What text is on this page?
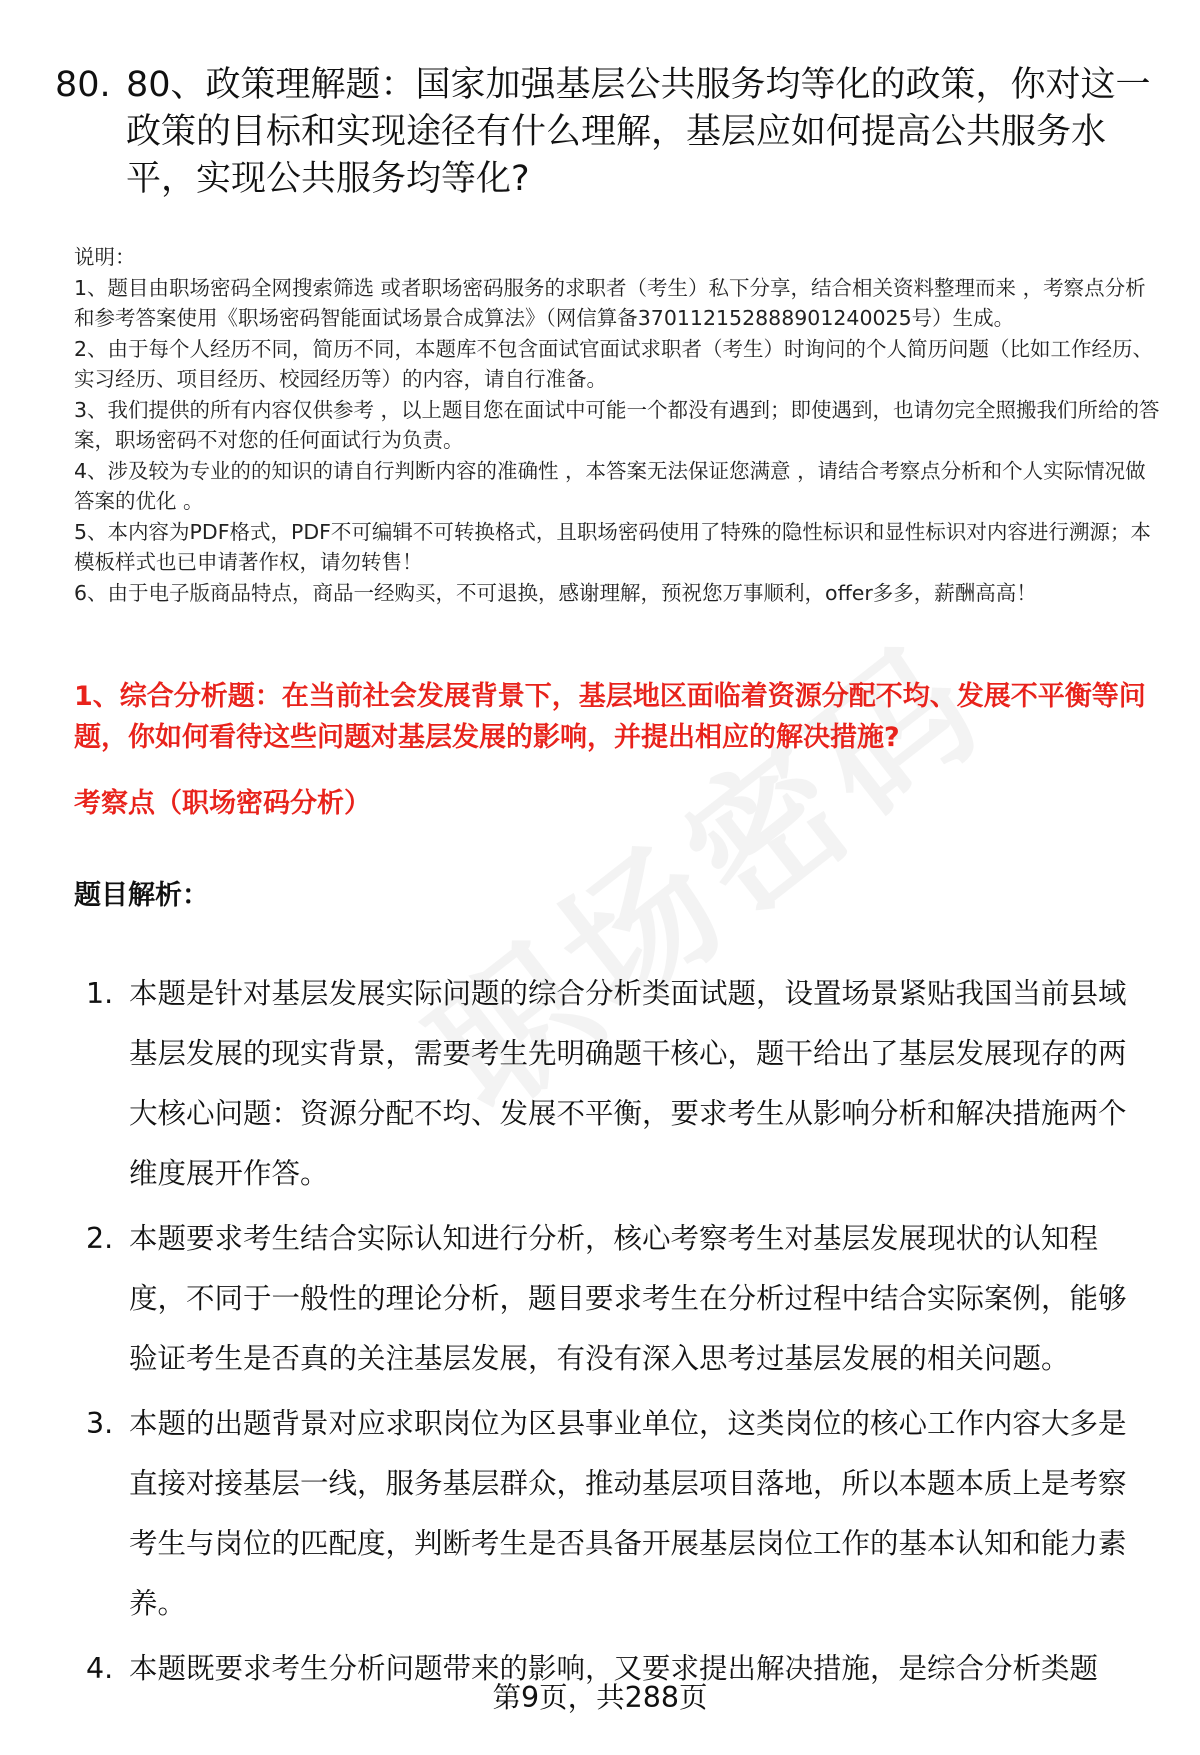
80. 80、政策理解题：国家加强基层公共服务均等化的政策，你对这一政策的目标和实现途径有什么理解，基层应如何提高公共服务水平，实现公共服务均等化?

说明：

1、题目由职场密码全网搜索筛选 或者职场密码服务的求职者（考生）私下分享，结合相关资料整理而来 ，考察点分析和参考答案使用《职场密码智能面试场景合成算法》（网信算备370112152888901240025号）生成。

2、由于每个人经历不同，简历不同，本题库不包含面试官面试求职者（考生）时询问的个人简历问题（比如工作经历、实习经历、项目经历、校园经历等）的内容，请自行准备。

3、我们提供的所有内容仅供参考 ，以上题目您在面试中可能一个都没有遇到；即使遇到，也请勿完全照搬我们所给的答案，职场密码不对您的任何面试行为负责。

4、涉及较为专业的的知识的请自行判断内容的准确性 ，本答案无法保证您满意 ，请结合考察点分析和个人实际情况做答案的优化 。

5、本内容为PDF格式，PDF不可编辑不可转换格式，且职场密码使用了特殊的隐性标识和显性标识对内容进行溯源；本模板样式也已申请著作权，请勿转售！

6、由于电子版商品特点，商品一经购买，不可退换，感谢理解，预祝您万事顺利，offer多多，薪酬高高！

1、综合分析题：在当前社会发展背景下，基层地区面临着资源分配不均、发展不平衡等问题，你如何看待这些问题对基层发展的影响，并提出相应的解决措施?
考察点（职场密码分析）
题目解析：
1. 本题是针对基层发展实际问题的综合分析类面试题，设置场景紧贴我国当前县域基层发展的现实背景，需要考生先明确题干核心，题干给出了基层发展现存的两大核心问题：资源分配不均、发展不平衡，要求考生从影响分析和解决措施两个维度展开作答。
2. 本题要求考生结合实际认知进行分析，核心考察考生对基层发展现状的认知程度，不同于一般性的理论分析，题目要求考生在分析过程中结合实际案例，能够验证考生是否真的关注基层发展，有没有深入思考过基层发展的相关问题。
3. 本题的出题背景对应求职岗位为区县事业单位，这类岗位的核心工作内容大多是直接对接基层一线，服务基层群众，推动基层项目落地，所以本题本质上是考察考生与岗位的匹配度，判断考生是否具备开展基层岗位工作的基本认知和能力素养。
4. 本题既要求考生分析问题带来的影响，又要求提出解决措施，是综合分析类题
第9页，共288页
